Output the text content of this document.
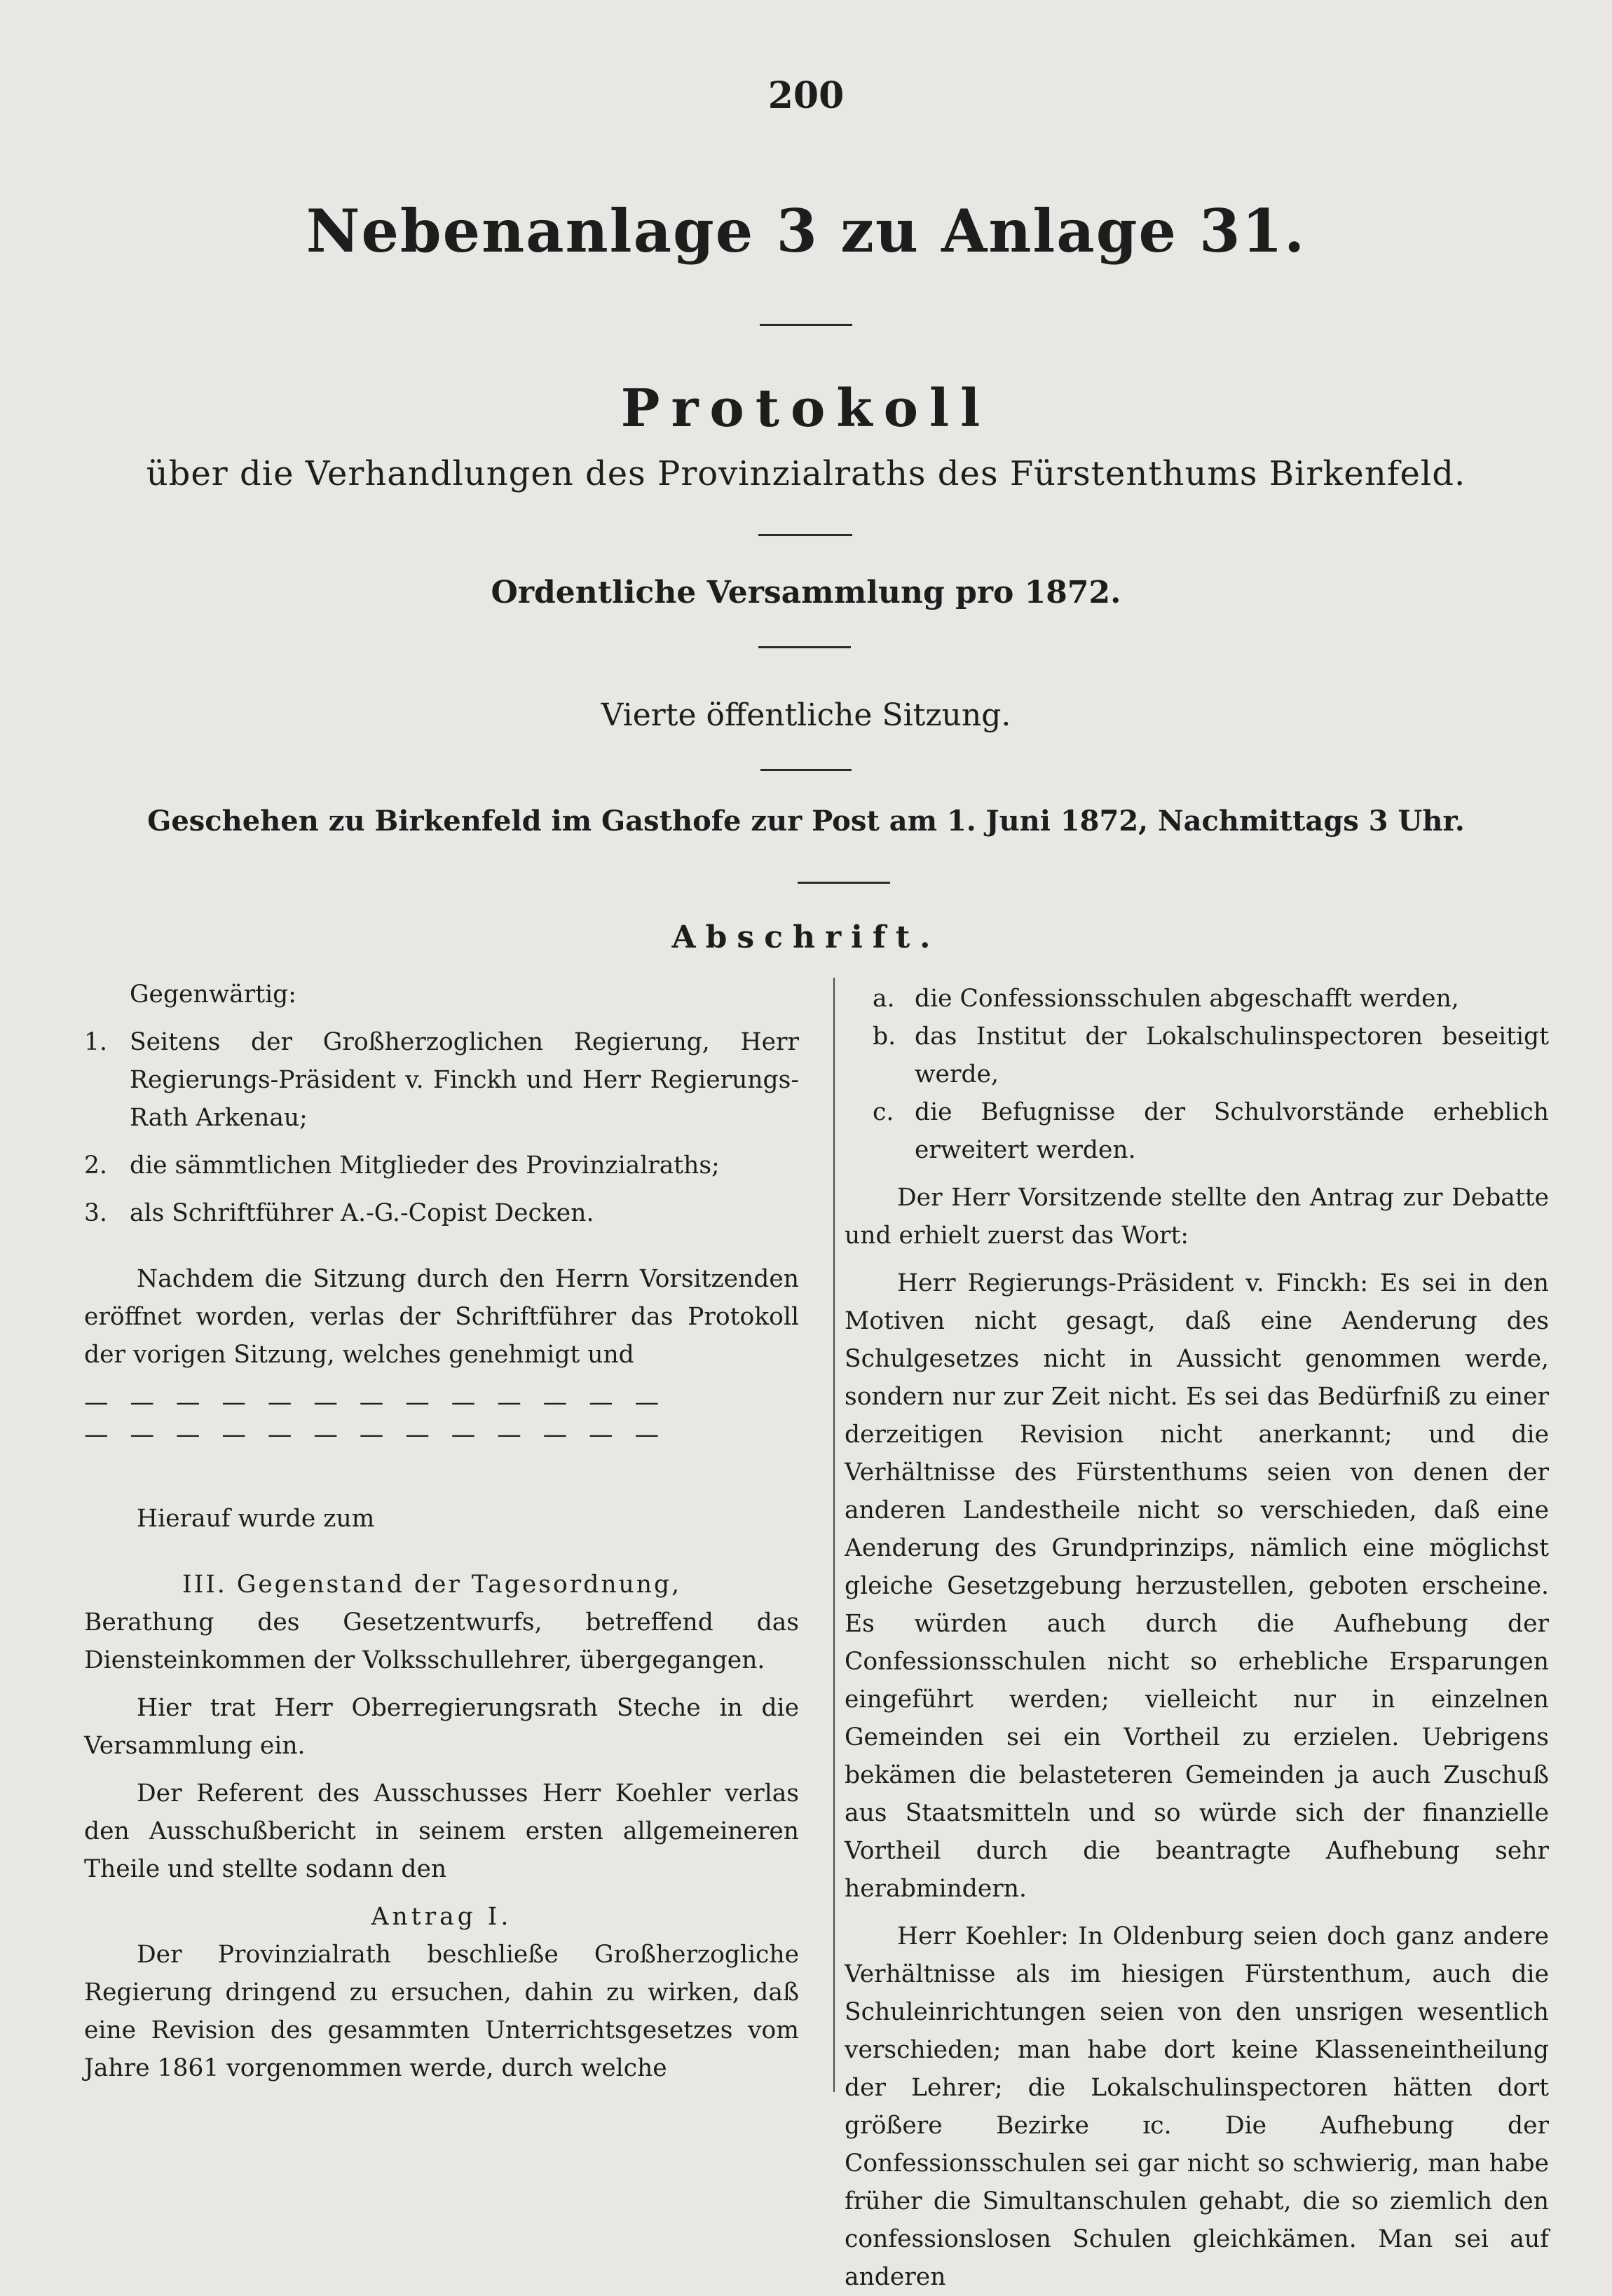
200
Nebenanlage 3 zu Anlage 31.
Protokoll
über die Verhandlungen des Provinzialraths des Fürstenthums Birkenfeld.
Ordentliche Versammlung pro 1872.
Vierte öffentliche Sitzung.
Geschehen zu Birkenfeld im Gasthofe zur Post am 1. Juni 1872, Nachmittags 3 Uhr.
Abschrift.

Gegenwärtig:

1. Seitens der Großherzoglichen Regierung, Herr Regierungs-Präsident v. Finckh und Herr Regierungs-Rath Arkenau;
2. die sämmtlichen Mitglieder des Provinzialraths;
3. als Schriftführer A.-G.-Copist Decken.

Nachdem die Sitzung durch den Herrn Vorsitzenden eröffnet worden, verlas der Schriftführer das Protokoll der vorigen Sitzung, welches genehmigt und

— — — — — — — — — — — — —

— — — — — — — — — — — — —

Hierauf wurde zum

III. Gegenstand der Tagesordnung,

Berathung des Gesetzentwurfs, betreffend das Diensteinkommen der Volksschullehrer, übergegangen.

Hier trat Herr Oberregierungsrath Steche in die Versammlung ein.

Der Referent des Ausschusses Herr Koehler verlas den Ausschußbericht in seinem ersten allgemeineren Theile und stellte sodann den

Antrag I.

Der Provinzialrath beschließe Großherzogliche Regierung dringend zu ersuchen, dahin zu wirken, daß eine Revision des gesammten Unterrichtsgesetzes vom Jahre 1861 vorgenommen werde, durch welche

a. die Confessionsschulen abgeschafft werden,
b. das Institut der Lokalschulinspectoren beseitigt werde,
c. die Befugnisse der Schulvorstände erheblich erweitert werden.

Der Herr Vorsitzende stellte den Antrag zur Debatte und erhielt zuerst das Wort:

Herr Regierungs-Präsident v. Finckh: Es sei in den Motiven nicht gesagt, daß eine Aenderung des Schulgesetzes nicht in Aussicht genommen werde, sondern nur zur Zeit nicht. Es sei das Bedürfniß zu einer derzeitigen Revision nicht anerkannt; und die Verhältnisse des Fürstenthums seien von denen der anderen Landestheile nicht so verschieden, daß eine Aenderung des Grundprinzips, nämlich eine möglichst gleiche Gesetzgebung herzustellen, geboten erscheine. Es würden auch durch die Aufhebung der Confessionsschulen nicht so erhebliche Ersparungen eingeführt werden; vielleicht nur in einzelnen Gemeinden sei ein Vortheil zu erzielen. Uebrigens bekämen die belasteteren Gemeinden ja auch Zuschuß aus Staatsmitteln und so würde sich der finanzielle Vortheil durch die beantragte Aufhebung sehr herabmindern.

Herr Koehler: In Oldenburg seien doch ganz andere Verhältnisse als im hiesigen Fürstenthum, auch die Schuleinrichtungen seien von den unsrigen wesentlich verschieden; man habe dort keine Klasseneintheilung der Lehrer; die Lokalschulinspectoren hätten dort größere Bezirke ɪc. Die Aufhebung der Confessionsschulen sei gar nicht so schwierig, man habe früher die Simultanschulen gehabt, die so ziemlich den confessionslosen Schulen gleichkämen. Man sei auf anderen
